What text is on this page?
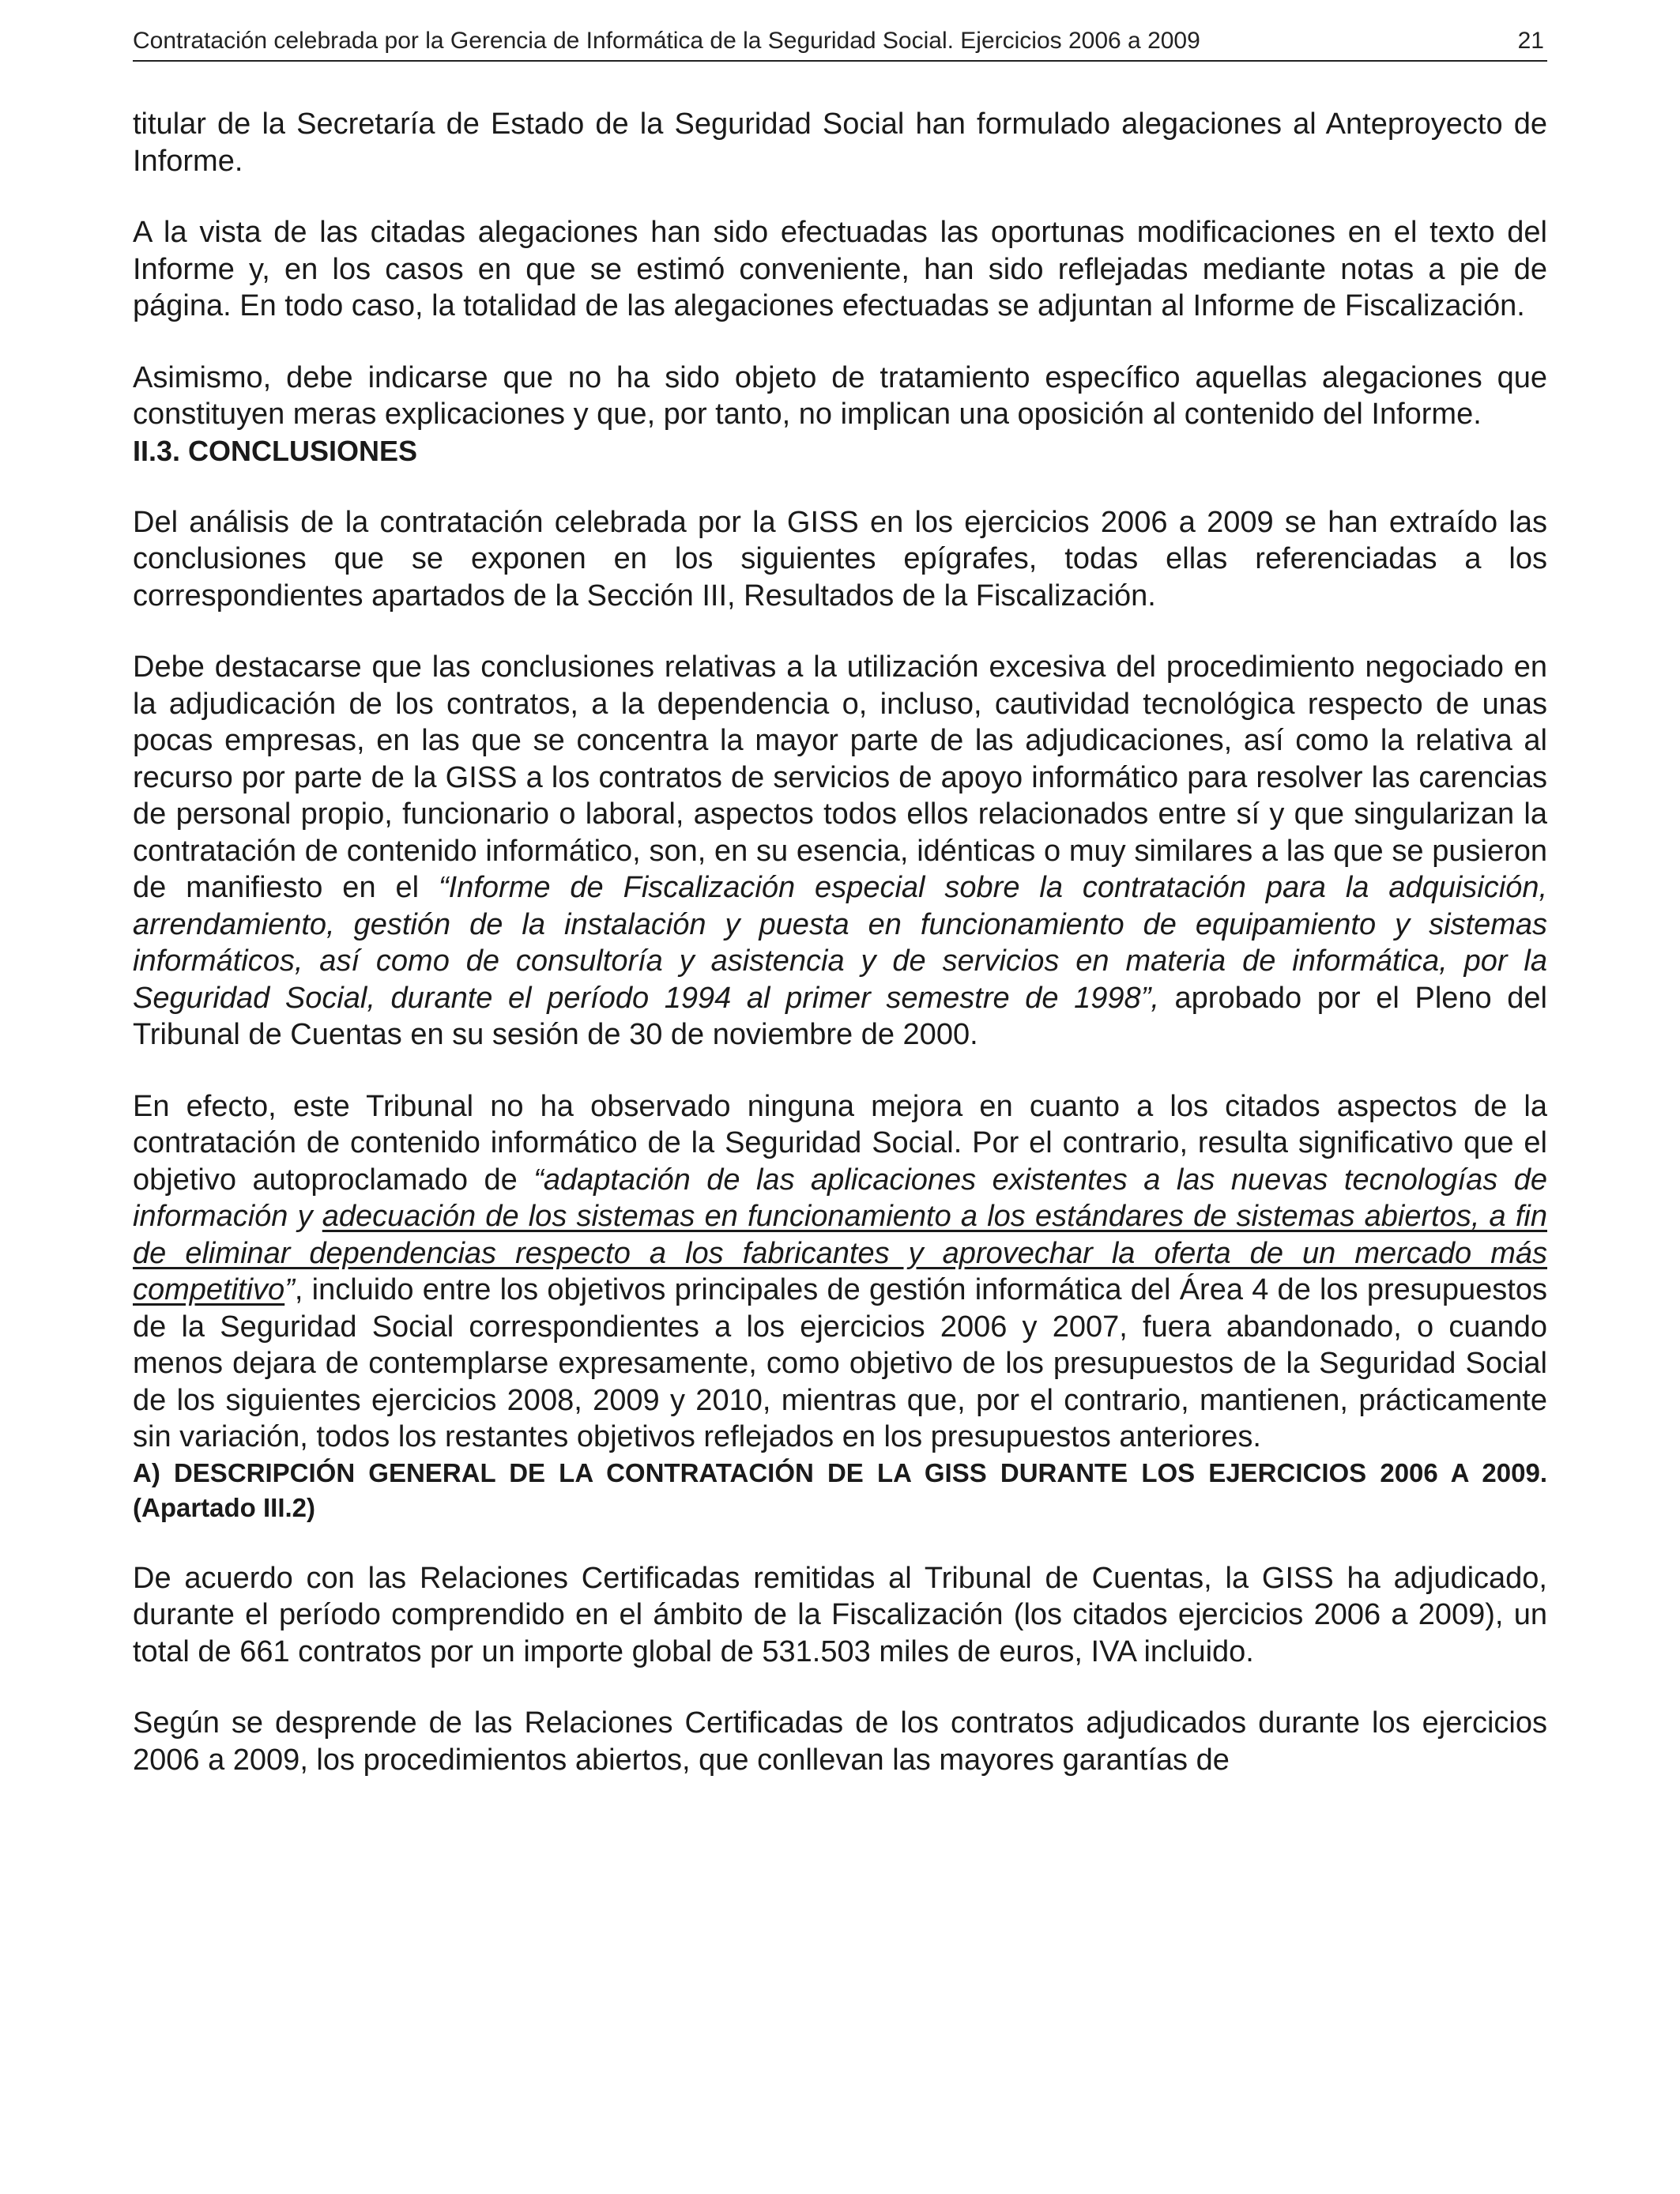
Contratación celebrada por la Gerencia de Informática de la Seguridad Social. Ejercicios 2006 a 2009	21

titular de la Secretaría de Estado de la Seguridad Social han formulado alegaciones al Anteproyecto de Informe.

A la vista de las citadas alegaciones han sido efectuadas las oportunas modificaciones en el texto del Informe y, en los casos en que se estimó conveniente, han sido reflejadas mediante notas a pie de página. En todo caso, la totalidad de las alegaciones efectuadas se adjuntan al Informe de Fiscalización.

Asimismo, debe indicarse que no ha sido objeto de tratamiento específico aquellas alegaciones que constituyen meras explicaciones y que, por tanto, no implican una oposición al contenido del Informe.

II.3. CONCLUSIONES

Del análisis de la contratación celebrada por la GISS en los ejercicios 2006 a 2009 se han extraído las conclusiones que se exponen en los siguientes epígrafes, todas ellas referenciadas a los correspondientes apartados de la Sección III, Resultados de la Fiscalización.

Debe destacarse que las conclusiones relativas a la utilización excesiva del procedimiento negociado en la adjudicación de los contratos, a la dependencia o, incluso, cautividad tecnológica respecto de unas pocas empresas, en las que se concentra la mayor parte de las adjudicaciones, así como la relativa al recurso por parte de la GISS a los contratos de servicios de apoyo informático para resolver las carencias de personal propio, funcionario o laboral, aspectos todos ellos relacionados entre sí y que singularizan la contratación de contenido informático, son, en su esencia, idénticas o muy similares a las que se pusieron de manifiesto en el “Informe de Fiscalización especial sobre la contratación para la adquisición, arrendamiento, gestión de la instalación y puesta en funcionamiento de equipamiento y sistemas informáticos, así como de consultoría y asistencia y de servicios en materia de informática, por la Seguridad Social, durante el período 1994 al primer semestre de 1998”, aprobado por el Pleno del Tribunal de Cuentas en su sesión de 30 de noviembre de 2000.

En efecto, este Tribunal no ha observado ninguna mejora en cuanto a los citados aspectos de la contratación de contenido informático de la Seguridad Social. Por el contrario, resulta significativo que el objetivo autoproclamado de “adaptación de las aplicaciones existentes a las nuevas tecnologías de información y adecuación de los sistemas en funcionamiento a los estándares de sistemas abiertos, a fin de eliminar dependencias respecto a los fabricantes y aprovechar la oferta de un mercado más competitivo”, incluido entre los objetivos principales de gestión informática del Área 4 de los presupuestos de la Seguridad Social correspondientes a los ejercicios 2006 y 2007, fuera abandonado, o cuando menos dejara de contemplarse expresamente, como objetivo de los presupuestos de la Seguridad Social de los siguientes ejercicios 2008, 2009 y 2010, mientras que, por el contrario, mantienen, prácticamente sin variación, todos los restantes objetivos reflejados en los presupuestos anteriores.

A) DESCRIPCIÓN GENERAL DE LA CONTRATACIÓN DE LA GISS DURANTE LOS EJERCICIOS 2006 A 2009. (Apartado III.2)

De acuerdo con las Relaciones Certificadas remitidas al Tribunal de Cuentas, la GISS ha adjudicado, durante el período comprendido en el ámbito de la Fiscalización (los citados ejercicios 2006 a 2009), un total de 661 contratos por un importe global de 531.503 miles de euros, IVA incluido.

Según se desprende de las Relaciones Certificadas de los contratos adjudicados durante los ejercicios 2006 a 2009, los procedimientos abiertos, que conllevan las mayores garantías de
